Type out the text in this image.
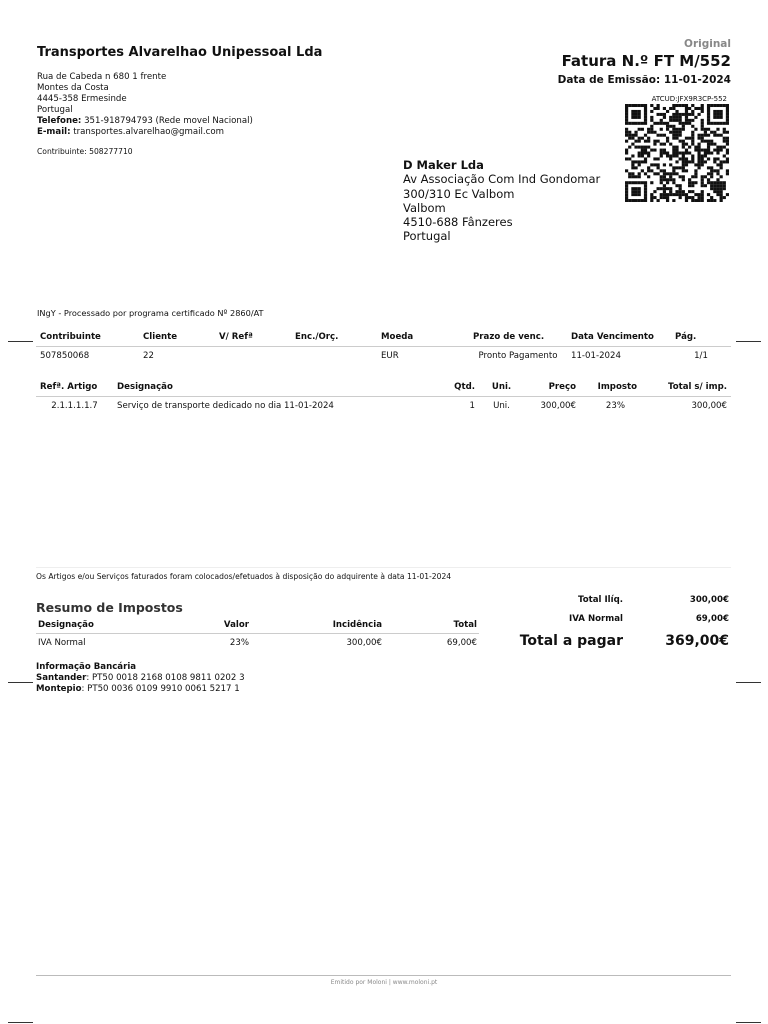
Transportes Alvarelhao Unipessoal Lda
Rua de Cabeda n 680 1 frente
Montes da Costa
4445-358 Ermesinde
Portugal
Telefone: 351-918794793 (Rede movel Nacional)
E-mail: transportes.alvarelhao@gmail.com
Contribuinte: 508277710
Original
Fatura N.º FT M/552
Data de Emissão: 11-01-2024
ATCUD:JFX9R3CP-552
D Maker Lda
Av Associação Com Ind Gondomar
300/310 Ec Valbom
Valbom
4510-688 Fânzeres
Portugal
INgY - Processado por programa certificado Nº 2860/AT
Contribuinte	Cliente	V/ Refª	Enc./Orç.	Moeda	Prazo de venc.	Data Vencimento	Pág.
507850068	22			EUR	Pronto Pagamento	11-01-2024	1/1
Refª. Artigo	Designação	Qtd.	Uni.	Preço	Imposto	Total s/ imp.
2.1.1.1.1.7	Serviço de transporte dedicado no dia 11-01-2024	1	Uni.	300,00€	23%	300,00€
Os Artigos e/ou Serviços faturados foram colocados/efetuados à disposição do adquirente à data 11-01-2024
Resumo de Impostos
Designação	Valor	Incidência	Total
IVA Normal	23%	300,00€	69,00€
Total Ilíq.	300,00€
IVA Normal	69,00€
Total a pagar	369,00€
Informação Bancária
Santander: PT50 0018 2168 0108 9811 0202 3
Montepio: PT50 0036 0109 9910 0061 5217 1
Emitido por Moloni | www.moloni.pt
